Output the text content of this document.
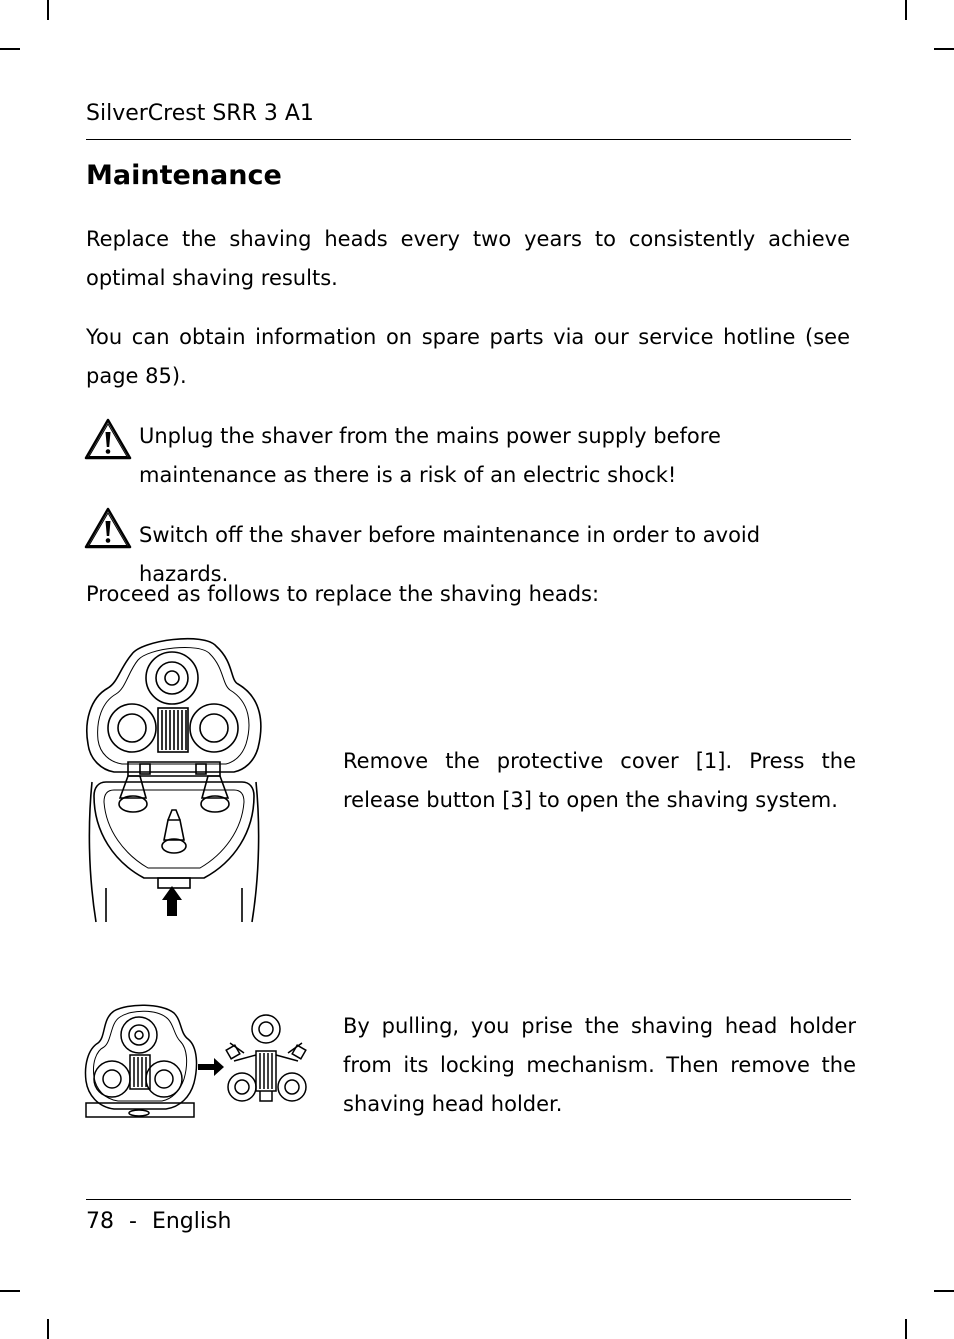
SilverCrest SRR 3 A1
Maintenance
Replace the shaving heads every two years to consistently achieve optimal shaving results.
You can obtain information on spare parts via our service hotline (see page 85).
Unplug the shaver from the mains power supply before maintenance as there is a risk of an electric shock!
Switch off the shaver before maintenance in order to avoid hazards.
Proceed as follows to replace the shaving heads:
Remove the protective cover [1]. Press the release button [3] to open the shaving system.
By pulling, you prise the shaving head holder from its locking mechanism. Then remove the shaving head holder.
78 - English
